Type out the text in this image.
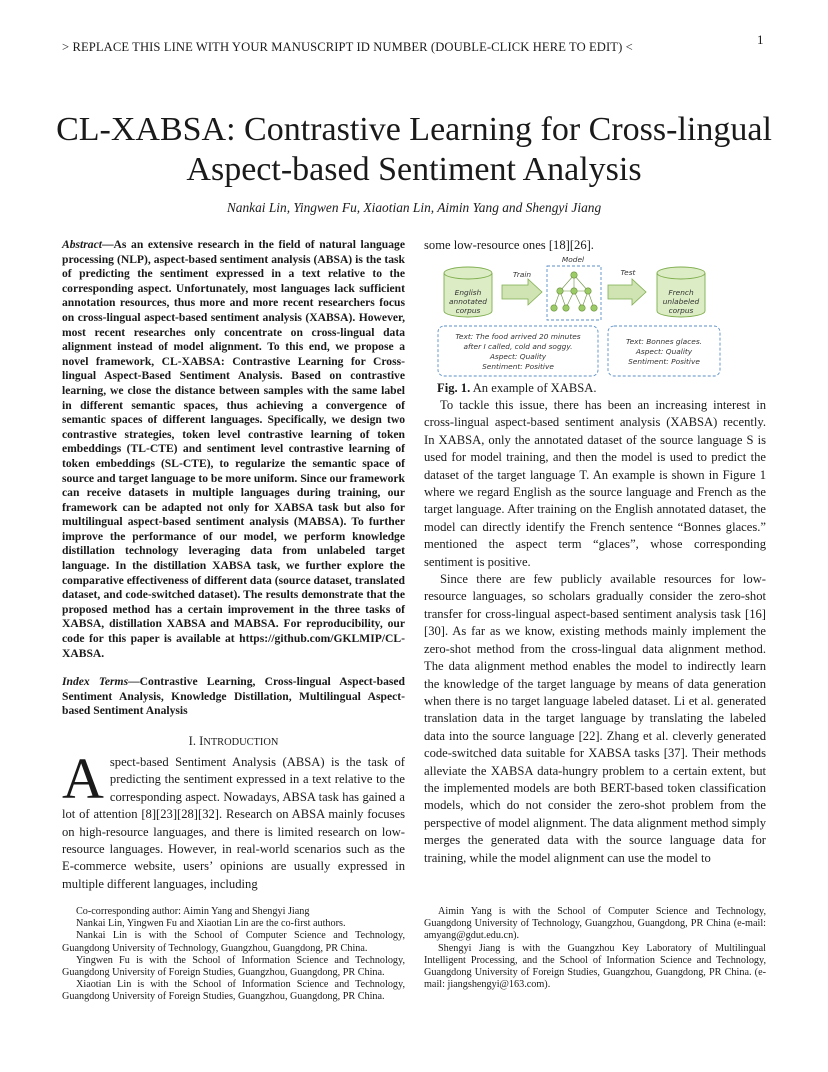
> REPLACE THIS LINE WITH YOUR MANUSCRIPT ID NUMBER (DOUBLE-CLICK HERE TO EDIT) <	1
CL-XABSA: Contrastive Learning for Cross-lingual
Aspect-based Sentiment Analysis
Nankai Lin, Yingwen Fu, Xiaotian Lin, Aimin Yang and Shengyi Jiang
Abstract—As an extensive research in the field of natural language processing (NLP), aspect-based sentiment analysis (ABSA) is the task of predicting the sentiment expressed in a text relative to the corresponding aspect. Unfortunately, most languages lack sufficient annotation resources, thus more and more recent researchers focus on cross-lingual aspect-based sentiment analysis (XABSA). However, most recent researches only concentrate on cross-lingual data alignment instead of model alignment. To this end, we propose a novel framework, CL-XABSA: Contrastive Learning for Cross-lingual Aspect-Based Sentiment Analysis. Based on contrastive learning, we close the distance between samples with the same label in different semantic spaces, thus achieving a convergence of semantic spaces of different languages. Specifically, we design two contrastive strategies, token level contrastive learning of token embeddings (TL-CTE) and sentiment level contrastive learning of token embeddings (SL-CTE), to regularize the semantic space of source and target language to be more uniform. Since our framework can receive datasets in multiple languages during training, our framework can be adapted not only for XABSA task but also for multilingual aspect-based sentiment analysis (MABSA). To further improve the performance of our model, we perform knowledge distillation technology leveraging data from unlabeled target language. In the distillation XABSA task, we further explore the comparative effectiveness of different data (source dataset, translated dataset, and code-switched dataset). The results demonstrate that the proposed method has a certain improvement in the three tasks of XABSA, distillation XABSA and MABSA. For reproducibility, our code for this paper is available at https://github.com/GKLMIP/CL-XABSA.
Index Terms—Contrastive Learning, Cross-lingual Aspect-based Sentiment Analysis, Knowledge Distillation, Multilingual Aspect-based Sentiment Analysis
I. INTRODUCTION
Aspect-based Sentiment Analysis (ABSA) is the task of predicting the sentiment expressed in a text relative to the corresponding aspect. Nowadays, ABSA task has gained a lot of attention [8][23][28][32]. Research on ABSA mainly focuses on high-resource languages, and there is limited research on low-resource languages. However, in real-world scenarios such as the E-commerce website, users’ opinions are usually expressed in multiple different languages, including

Co-corresponding author: Aimin Yang and Shengyi Jiang

Nankai Lin, Yingwen Fu and Xiaotian Lin are the co-first authors.

Nankai Lin is with the School of Computer Science and Technology, Guangdong University of Technology, Guangzhou, Guangdong, PR China.

Yingwen Fu is with the School of Information Science and Technology, Guangdong University of Foreign Studies, Guangzhou, Guangdong, PR China.

Xiaotian Lin is with the School of Information Science and Technology, Guangdong University of Foreign Studies, Guangzhou, Guangdong, PR China.

some low-resource ones [18][26].
English
annotated
corpus
Train
Model
Test
French
unlabeled
corpus
Text: The food arrived 20 minutes
after I called, cold and soggy.
Aspect: Quality
Sentiment: Positive
Text: Bonnes glaces.
Aspect: Quality
Sentiment: Positive
Fig. 1. An example of XABSA.

To tackle this issue, there has been an increasing interest in cross-lingual aspect-based sentiment analysis (XABSA) recently. In XABSA, only the annotated dataset of the source language S is used for model training, and then the model is used to predict the dataset of the target language T. An example is shown in Figure 1 where we regard English as the source language and French as the target language. After training on the English annotated dataset, the model can directly identify the French sentence “Bonnes glaces.” mentioned the aspect term “glaces”, whose corresponding sentiment is positive.

Since there are few publicly available resources for low-resource languages, so scholars gradually consider the zero-shot transfer for cross-lingual aspect-based sentiment analysis task [16][30]. As far as we know, existing methods mainly implement the zero-shot method from the cross-lingual data alignment method. The data alignment method enables the model to indirectly learn the knowledge of the target language by means of data generation when there is no target language labeled dataset. Li et al. generated translation data in the target language by translating the labeled data into the source language [22]. Zhang et al. cleverly generated code-switched data suitable for XABSA tasks [37]. Their methods alleviate the XABSA data-hungry problem to a certain extent, but the implemented models are both BERT-based token classification models, which do not consider the zero-shot problem from the perspective of model alignment. The data alignment method simply merges the generated data with the source language data for training, while the model alignment can use the model to

Aimin Yang is with the School of Computer Science and Technology, Guangdong University of Technology, Guangzhou, Guangdong, PR China (e-mail: amyang@gdut.edu.cn).

Shengyi Jiang is with the Guangzhou Key Laboratory of Multilingual Intelligent Processing, and the School of Information Science and Technology, Guangdong University of Foreign Studies, Guangzhou, Guangdong, PR China. (e-mail: jiangshengyi@163.com).
